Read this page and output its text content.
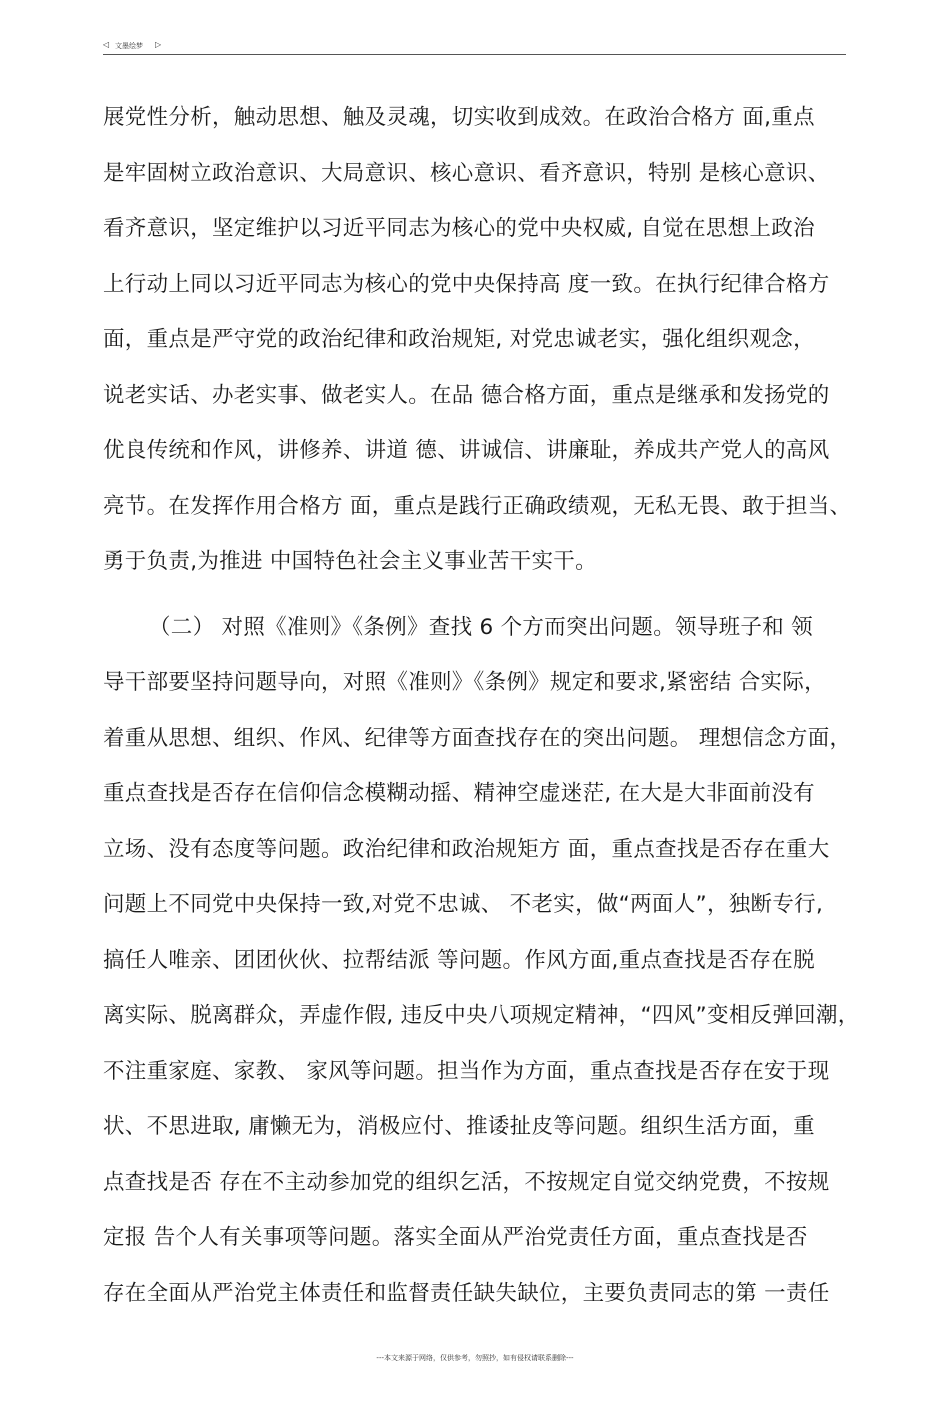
◁ 文墨绘梦 ▷
展党性分析，触动思想、触及灵魂，切实收到成效。在政治合格方 面,重点
是牢固树立政治意识、大局意识、核心意识、看齐意识，特别 是核心意识、
看齐意识，坚定维护以习近平同志为核心的党中央权威, 自觉在思想上政治
上行动上同以习近平同志为核心的党中央保持高 度一致。在执行纪律合格方
面，重点是严守党的政治纪律和政治规矩, 对党忠诚老实，强化组织观念，
说老实话、办老实事、做老实人。在品 德合格方面，重点是继承和发扬党的
优良传统和作风，讲修养、讲道 德、讲诚信、讲廉耻，养成共产党人的高风
亮节。在发挥作用合格方 面，重点是践行正确政绩观，无私无畏、敢于担当、
勇于负责,为推进 中国特色社会主义事业苦干实干。
（二） 对照《准则》《条例》查找 6 个方而突出问题。领导班子和 领
导干部要坚持问题导向，对照《准则》《条例》规定和要求,紧密结 合实际，
着重从思想、组织、作风、纪律等方面查找存在的突出问题。 理想信念方面，
重点查找是否存在信仰信念模糊动摇、精神空虚迷茫, 在大是大非面前没有
立场、没有态度等问题。政治纪律和政治规矩方 面，重点查找是否存在重大
问题上不同党中央保持一致,对党不忠诚、 不老实，做“两面人”，独断专行,
搞任人唯亲、团团伙伙、拉帮结派 等问题。作风方面,重点查找是否存在脱
离实际、脱离群众，弄虚作假, 违反中央八项规定精神，“四风”变相反弹回潮，
不注重家庭、家教、 家风等问题。担当作为方面，重点查找是否存在安于现
状、不思进取, 庸懒无为，消极应付、推诿扯皮等问题。组织生活方面，重
点查找是否 存在不主动参加党的组织乞活，不按规定自觉交纳党费，不按规
定报 告个人有关事项等问题。落实全面从严治党责任方面，重点查找是否
存在全面从严治党主体责任和监督责任缺失缺位，主要负责同志的第 一责任
---本文来源于网络，仅供参考，勿照抄，如有侵权请联系删除---
